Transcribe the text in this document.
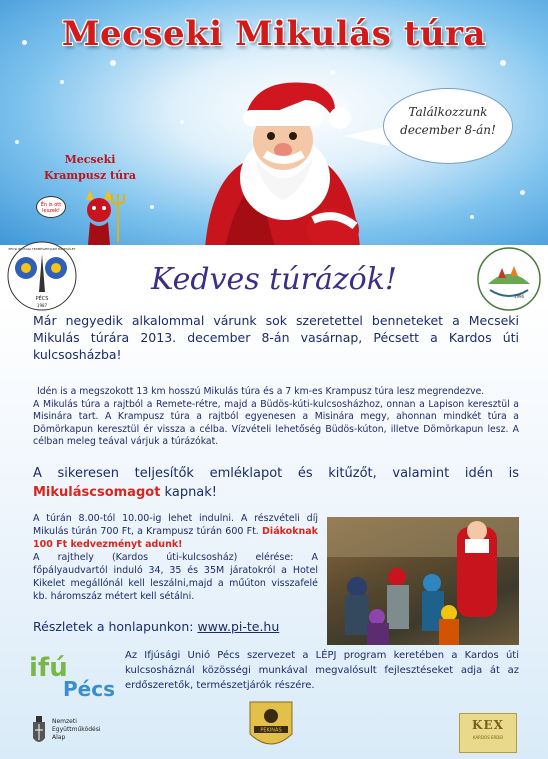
Mecseki Mikulás túra
Találkozzunk
december 8-án!
Mecseki
Krampusz túra
Én is ott leszek!
PÉCS
1987
PÉCSI IFJÚSÁGI TERMÉSZETJÁRÓ EGYESÜLET
1996
Kedves túrázók!

Már negyedik alkalommal várunk sok szeretettel benneteket a Mecseki Mikulás túrára 2013. december 8-án vasárnap, Pécsett a Kardos úti kulcsosházba!

Idén is a megszokott 13 km hosszú Mikulás túra és a 7 km-es Krampusz túra lesz megrendezve.
A Mikulás túra a rajtból a Remete-rétre, majd a Büdös-kúti-kulcsosházhoz, onnan a Lapison keresztül a Misinára tart. A Krampusz túra a rajtból egyenesen a Misinára megy, ahonnan mindkét túra a Dömörkapun keresztül ér vissza a célba. Vízvételi lehetőség Büdös-kúton, illetve Dömörkapun lesz. A célban meleg teával várjuk a túrázókat.

A sikeresen teljesítők emléklapot és kitűzőt, valamint idén is Mikuláscsomagot kapnak!

A túrán 8.00-tól 10.00-ig lehet indulni. A részvételi díj Mikulás túrán 700 Ft, a Krampusz túrán 600 Ft. Diákoknak 100 Ft kedvezményt adunk!

A rajthely (Kardos úti-kulcsosház) elérése: A főpályaudvartól induló 34, 35 és 35M járatokról a Hotel Kikelet megállónál kell leszálni,majd a műúton visszafelé kb. háromszáz métert kell sétálni.

Részletek a honlapunkon: www.pi-te.hu
ifú
Pécs

Az Ifjúsági Unió Pécs szervezet a LÉPJ program keretében a Kardos úti kulcsosháznál közösségi munkával megvalósult fejlesztéseket adja át az erdőszeretők, természetjárók részére.

Nemzeti
Együttműködési
Alap
PEKINÁS	KEX
KARDOS ERDEI
